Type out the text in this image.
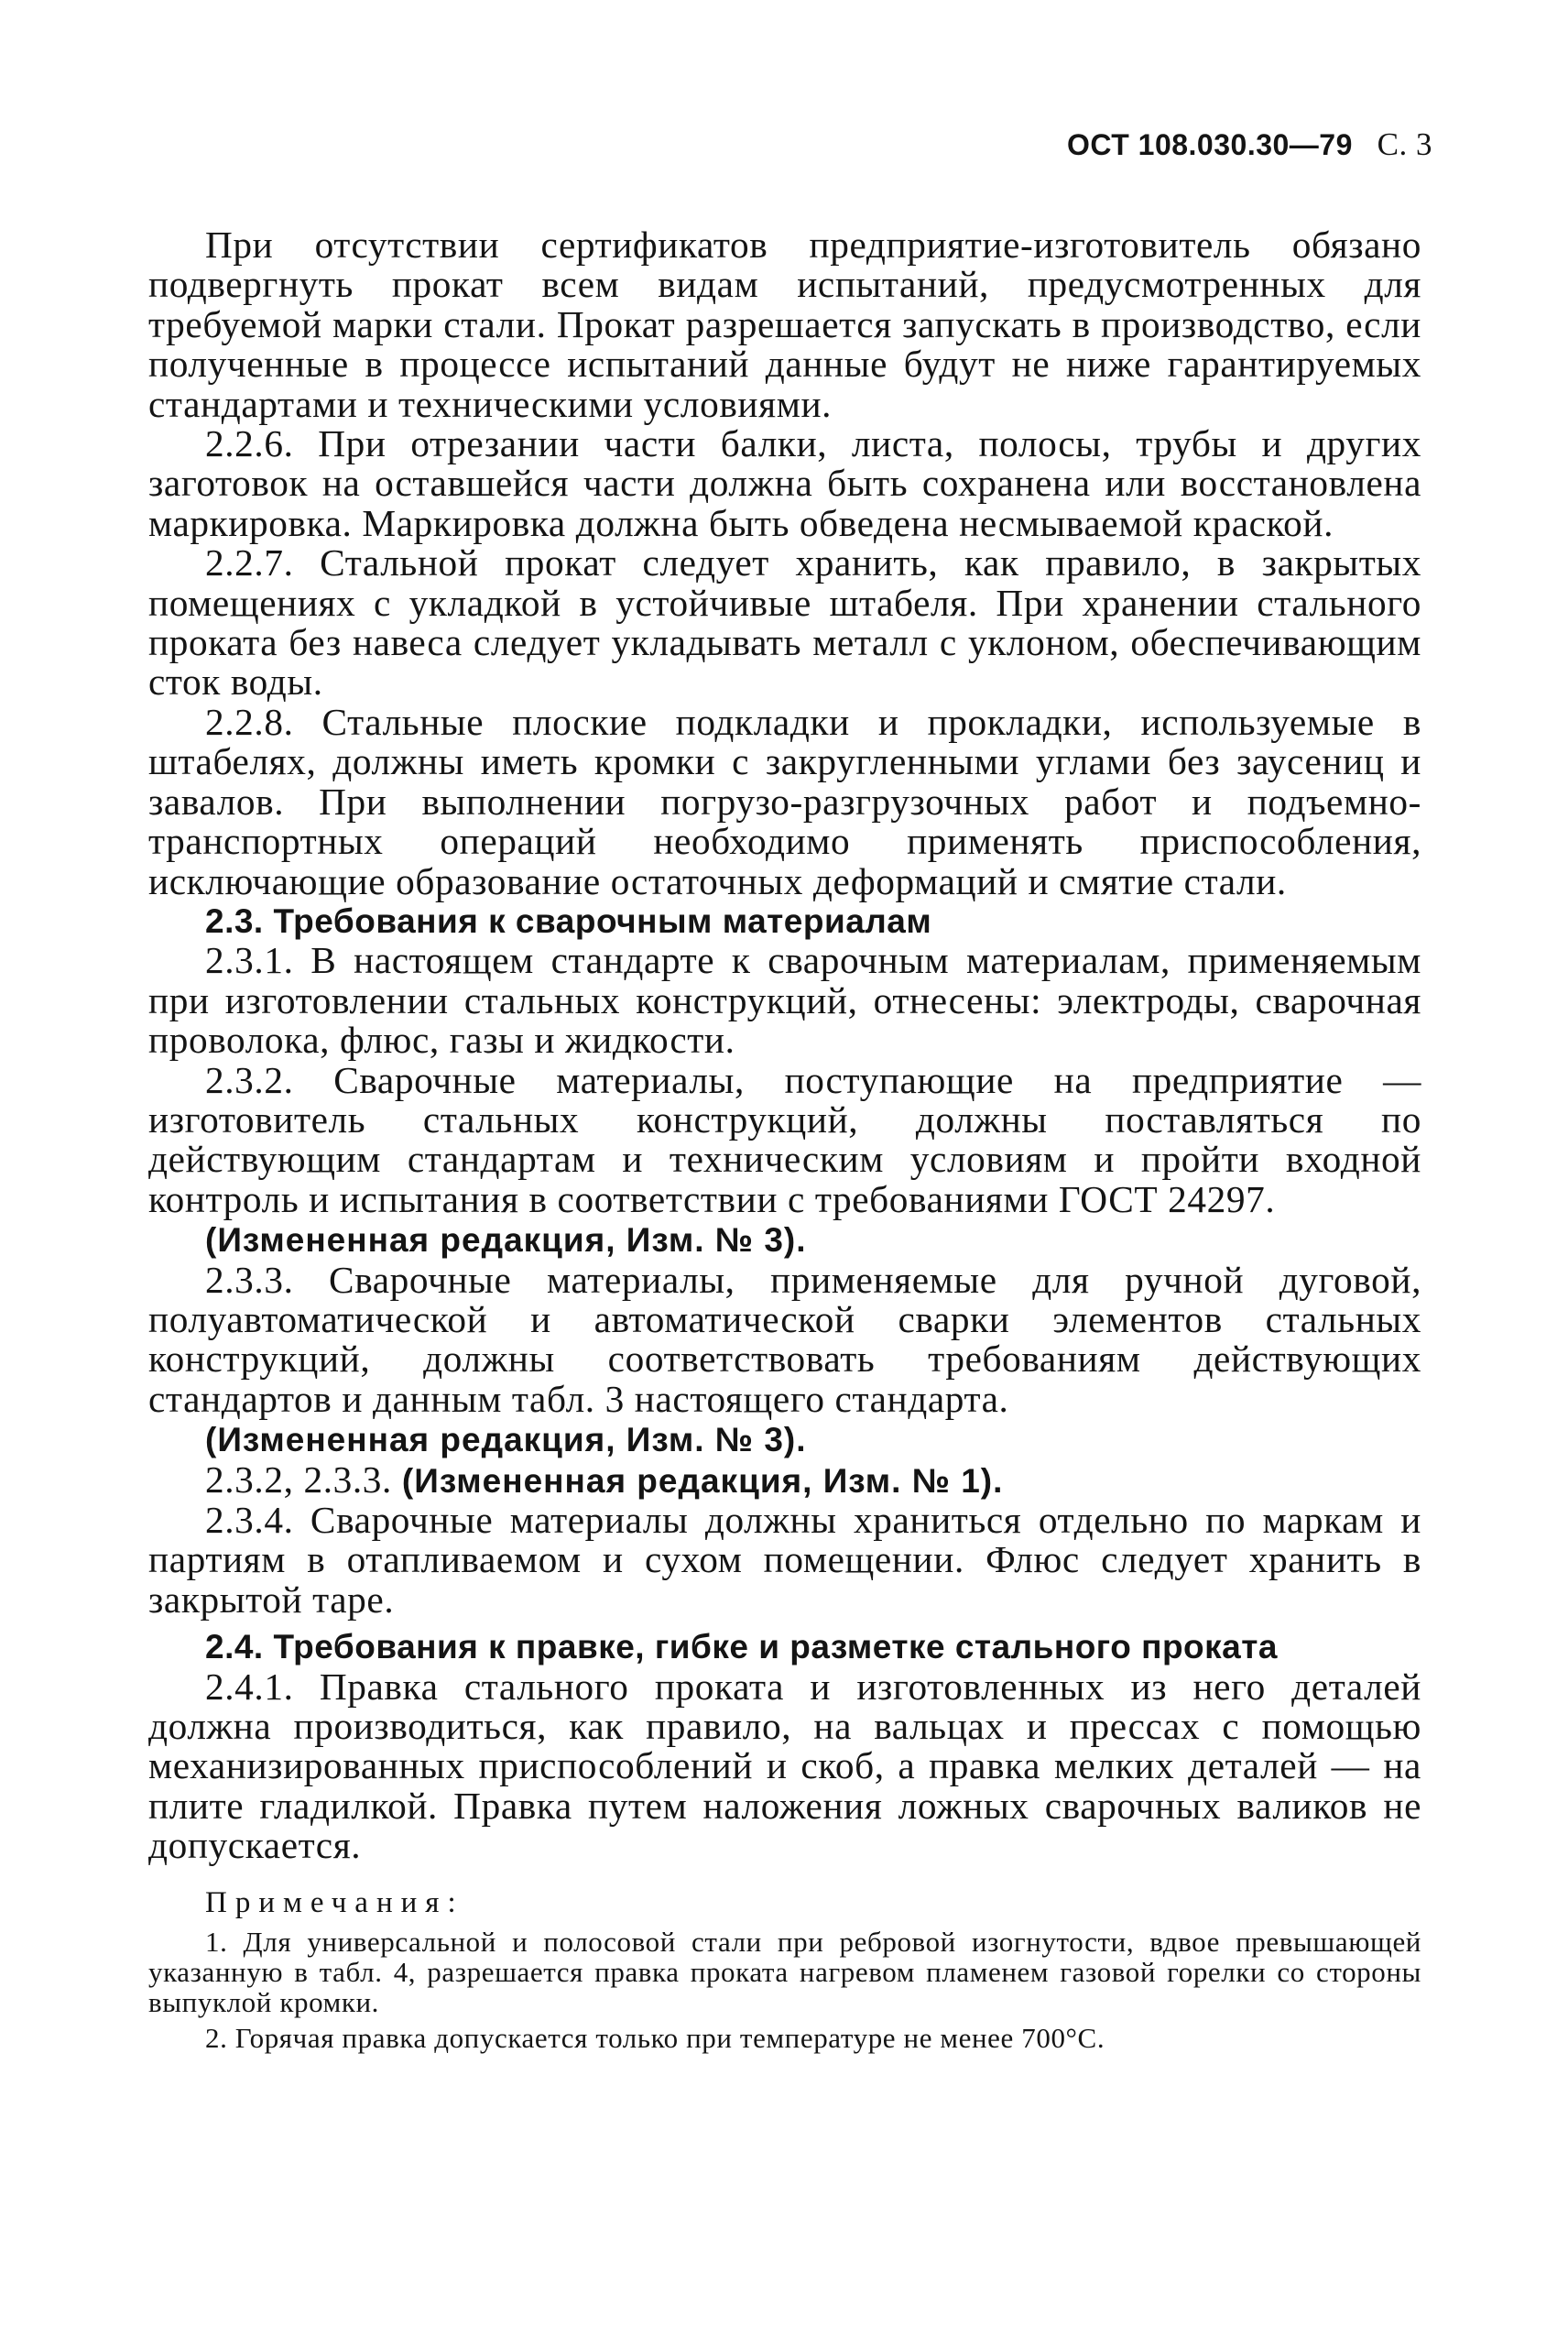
ОСТ 108.030.30—79 С. 3

При отсутствии сертификатов предприятие-изготовитель обязано подвергнуть прокат всем видам испытаний, предусмотренных для требуемой марки стали. Прокат разрешается запускать в производство, если полученные в процессе испытаний данные будут не ниже гарантируемых стандартами и техническими условиями.

2.2.6. При отрезании части балки, листа, полосы, трубы и других заготовок на оставшейся части должна быть сохранена или восстановлена маркировка. Маркировка должна быть обведена несмываемой краской.

2.2.7. Стальной прокат следует хранить, как правило, в закрытых помещениях с укладкой в устойчивые штабеля. При хранении стального проката без навеса следует укладывать металл с уклоном, обеспечивающим сток воды.

2.2.8. Стальные плоские подкладки и прокладки, используемые в штабелях, должны иметь кромки с закругленными углами без заусениц и завалов. При выполнении погрузо-разгрузочных работ и подъемно-транспортных операций необходимо применять приспособления, исключающие образование остаточных деформаций и смятие стали.

2.3. Требования к сварочным материалам

2.3.1. В настоящем стандарте к сварочным материалам, применяемым при изготовлении стальных конструкций, отнесены: электроды, сварочная проволока, флюс, газы и жидкости.

2.3.2. Сварочные материалы, поступающие на предприятие — изготовитель стальных конструкций, должны поставляться по действующим стандартам и техническим условиям и пройти входной контроль и испытания в соответствии с требованиями ГОСТ 24297.

(Измененная редакция, Изм. № 3).

2.3.3. Сварочные материалы, применяемые для ручной дуговой, полуавтоматической и автоматической сварки элементов стальных конструкций, должны соответствовать требованиям действующих стандартов и данным табл. 3 настоящего стандарта.

(Измененная редакция, Изм. № 3).

2.3.2, 2.3.3. (Измененная редакция, Изм. № 1).

2.3.4. Сварочные материалы должны храниться отдельно по маркам и партиям в отапливаемом и сухом помещении. Флюс следует хранить в закрытой таре.

2.4. Требования к правке, гибке и разметке стального проката

2.4.1. Правка стального проката и изготовленных из него деталей должна производиться, как правило, на вальцах и прессах с помощью механизированных приспособлений и скоб, а правка мелких деталей — на плите гладилкой. Правка путем наложения ложных сварочных валиков не допускается.

Примечания:

1. Для универсальной и полосовой стали при ребровой изогнутости, вдвое превышающей указанную в табл. 4, разрешается правка проката нагревом пламенем газовой горелки со стороны выпуклой кромки.

2. Горячая правка допускается только при температуре не менее 700°С.
